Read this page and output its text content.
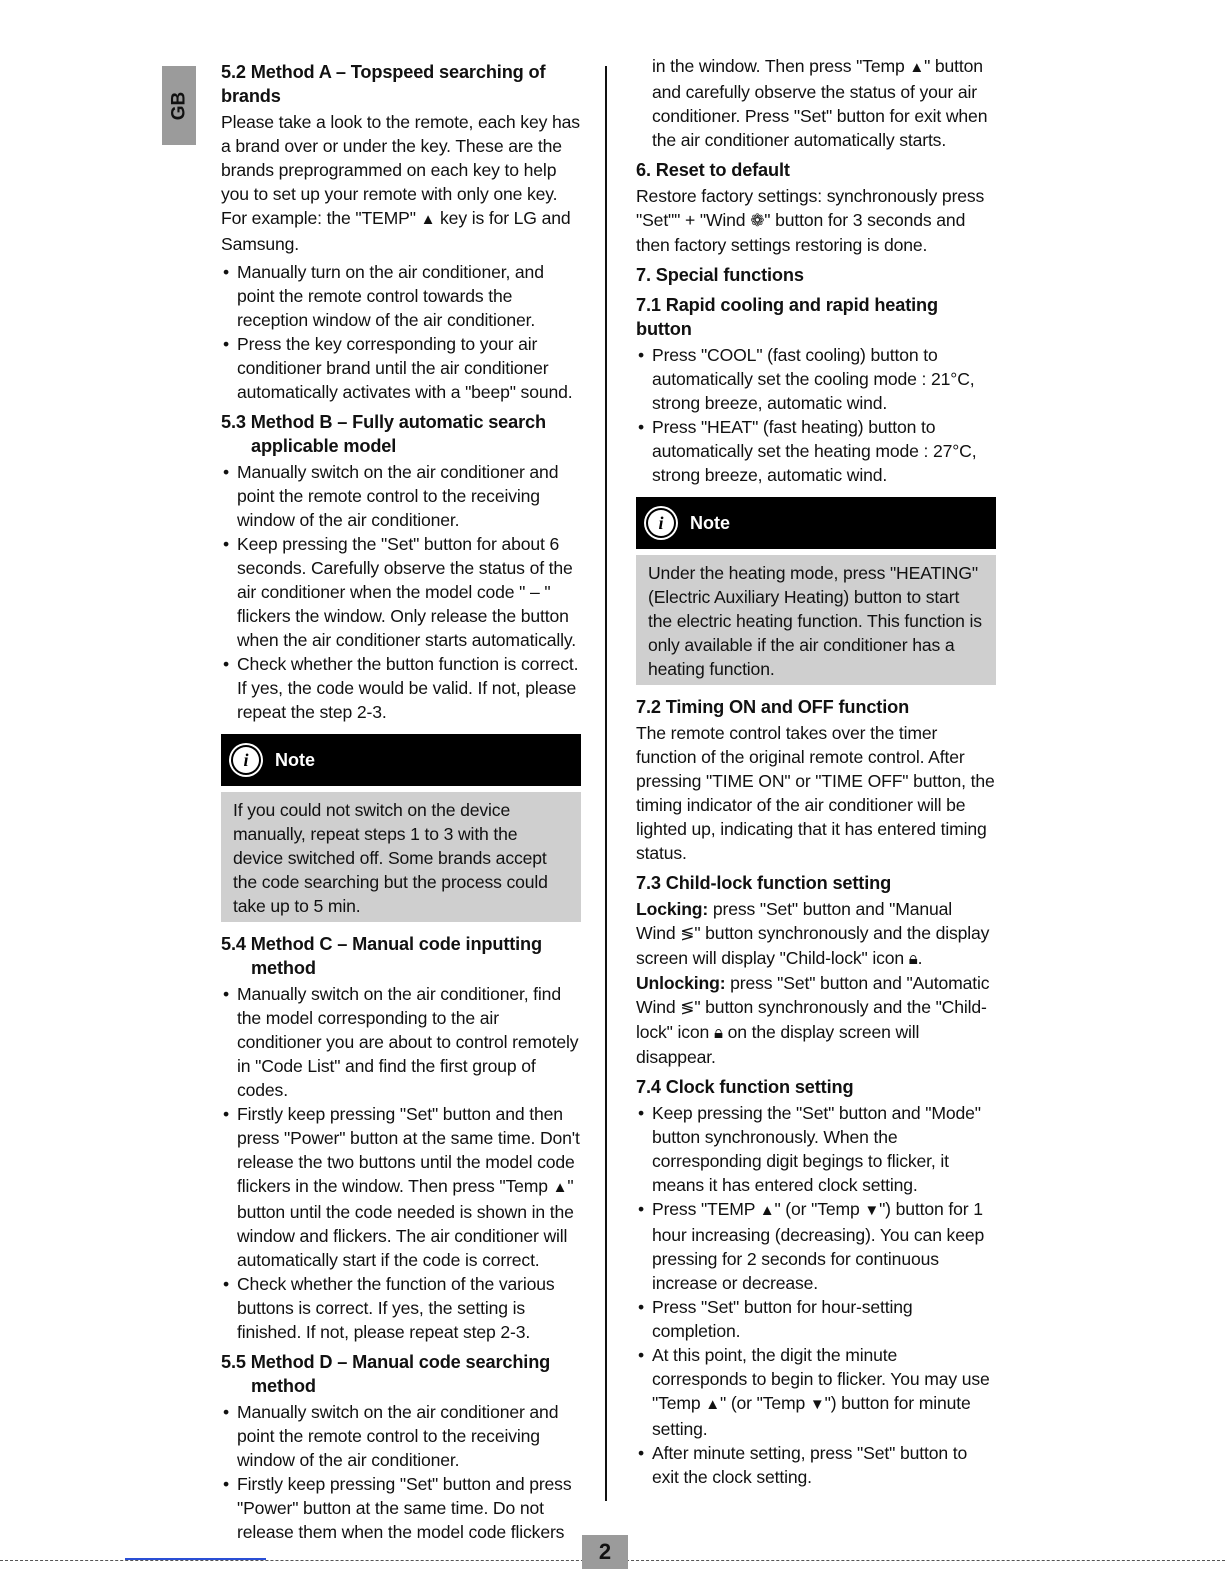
GB
5.2 Method A – Topspeed searching of brands

Please take a look to the remote, each key has a brand over or under the key. These are the brands preprogrammed on each key to help you to set up your remote with only one key. For example: the "TEMP" ▲ key is for LG and Samsung.

• Manually turn on the air conditioner, and point the remote control towards the reception window of the air conditioner.
• Press the key corresponding to your air conditioner brand until the air conditioner automatically activates with a "beep" sound.
5.3 Method B – Fully automatic search
applicable model
• Manually switch on the air conditioner and point the remote control to the receiving window of the air conditioner.
• Keep pressing the "Set" button for about 6 seconds. Carefully observe the status of the air conditioner when the model code " – " flickers the window. Only release the button when the air conditioner starts automatically.
• Check whether the button function is correct. If yes, the code would be valid. If not, please repeat the step 2-3.
i	Note

If you could not switch on the device manually, repeat steps 1 to 3 with the device switched off. Some brands accept the code searching but the process could take up to 5 min.

5.4 Method C – Manual code inputting
method
• Manually switch on the air conditioner, find the model corresponding to the air conditioner you are about to control remotely in "Code List" and find the first group of codes.
• Firstly keep pressing "Set" button and then press "Power" button at the same time. Don't release the two buttons until the model code flickers in the window. Then press "Temp ▲" button until the code needed is shown in the window and flickers. The air conditioner will automatically start if the code is correct.
• Check whether the function of the various buttons is correct. If yes, the setting is finished. If not, please repeat step 2-3.
5.5 Method D – Manual code searching
method
• Manually switch on the air conditioner and point the remote control to the receiving window of the air conditioner.
• Firstly keep pressing "Set" button and press "Power" button at the same time. Do not release them when the model code flickers

in the window. Then press "Temp ▲" button and carefully observe the status of your air conditioner. Press "Set" button for exit when the air conditioner automatically starts.

6. Reset to default

Restore factory settings: synchronously press "Set"" + "Wind ❁" button for 3 seconds and then factory settings restoring is done.

7. Special functions
7.1 Rapid cooling and rapid heating button
• Press "COOL" (fast cooling) button to automatically set the cooling mode : 21°C, strong breeze, automatic wind.
• Press "HEAT" (fast heating) button to automatically set the heating mode : 27°C, strong breeze, automatic wind.
i	Note

Under the heating mode, press "HEATING" (Electric Auxiliary Heating) button to start the electric heating function. This function is only available if the air conditioner has a heating function.

7.2 Timing ON and OFF function

The remote control takes over the timer function of the original remote control. After pressing "TIME ON" or "TIME OFF" button, the timing indicator of the air conditioner will be lighted up, indicating that it has entered timing status.

7.3 Child-lock function setting

Locking: press "Set" button and "Manual Wind ≶" button synchronously and the display screen will display "Child-lock" icon 🔒︎.

Unlocking: press "Set" button and "Automatic Wind ≶" button synchronously and the "Child-lock" icon 🔒︎ on the display screen will disappear.

7.4 Clock function setting
• Keep pressing the "Set" button and "Mode" button synchronously. When the corresponding digit begings to flicker, it means it has entered clock setting.
• Press "TEMP ▲" (or "Temp ▼") button for 1 hour increasing (decreasing). You can keep pressing for 2 seconds for continuous increase or decrease.
• Press "Set" button for hour-setting completion.
• At this point, the digit the minute corresponds to begin to flicker. You may use "Temp ▲" (or "Temp ▼") button for minute setting.
• After minute setting, press "Set" button to exit the clock setting.
2
